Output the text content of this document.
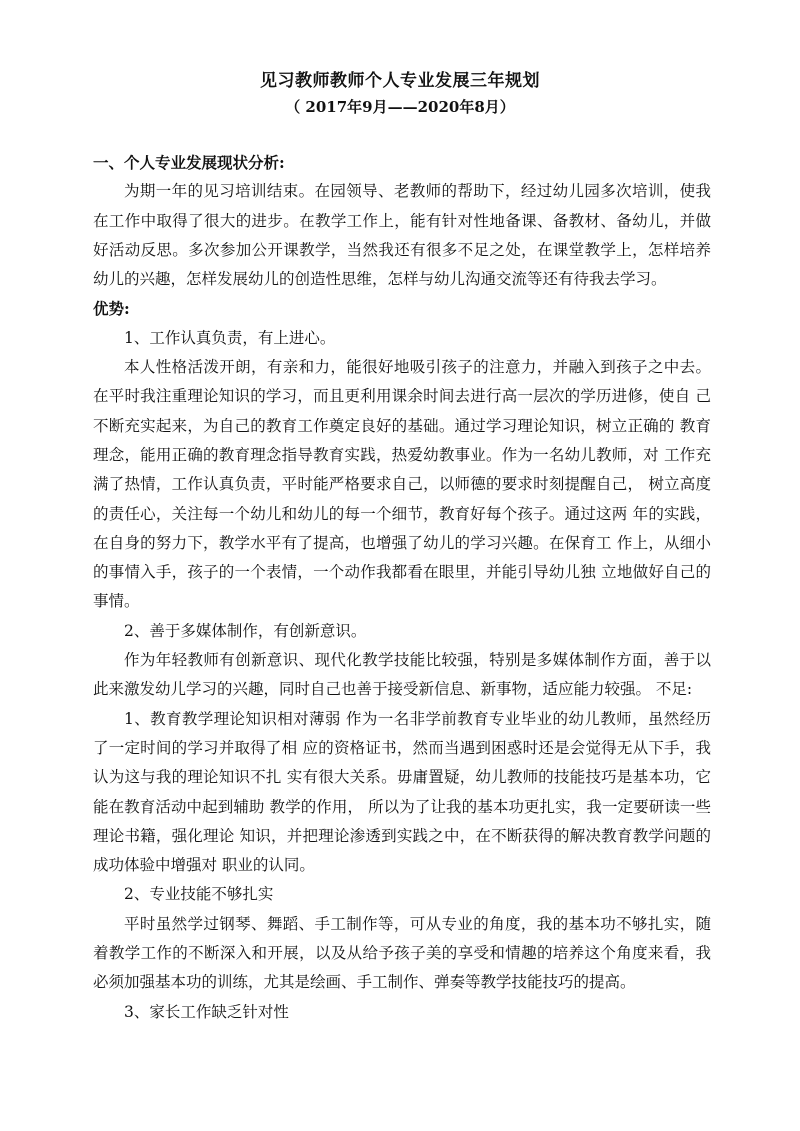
见习教师教师个人专业发展三年规划
（ 2017年9月——2020年8月）

一、个人专业发展现状分析:

为期一年的见习培训结束。在园领导、老教师的帮助下，经过幼儿园多次培训，使我在工作中取得了很大的进步。在教学工作上，能有针对性地备课、备教材、备幼儿，并做好活动反思。多次参加公开课教学，当然我还有很多不足之处，在课堂教学上，怎样培养幼儿的兴趣，怎样发展幼儿的创造性思维，怎样与幼儿沟通交流等还有待我去学习。

优势:

1、工作认真负责，有上进心。

本人性格活泼开朗，有亲和力，能很好地吸引孩子的注意力，并融入到孩子之中去。 在平时我注重理论知识的学习，而且更利用课余时间去进行高一层次的学历进修，使自 己不断充实起来，为自己的教育工作奠定良好的基础。通过学习理论知识，树立正确的 教育理念，能用正确的教育理念指导教育实践，热爱幼教事业。作为一名幼儿教师，对 工作充满了热情，工作认真负责，平时能严格要求自己，以师德的要求时刻提醒自己， 树立高度的责任心，关注每一个幼儿和幼儿的每一个细节，教育好每个孩子。通过这两 年的实践，在自身的努力下，教学水平有了提高，也增强了幼儿的学习兴趣。在保育工 作上，从细小的事情入手，孩子的一个表情，一个动作我都看在眼里，并能引导幼儿独 立地做好自己的事情。

2、善于多媒体制作，有创新意识。

作为年轻教师有创新意识、现代化教学技能比较强，特别是多媒体制作方面，善于以此来激发幼儿学习的兴趣，同时自己也善于接受新信息、新事物，适应能力较强。 不足:

1、教育教学理论知识相对薄弱 作为一名非学前教育专业毕业的幼儿教师，虽然经历了一定时间的学习并取得了相 应的资格证书，然而当遇到困惑时还是会觉得无从下手，我认为这与我的理论知识不扎 实有很大关系。毋庸置疑，幼儿教师的技能技巧是基本功，它能在教育活动中起到辅助 教学的作用， 所以为了让我的基本功更扎实，我一定要研读一些理论书籍，强化理论 知识，并把理论渗透到实践之中，在不断获得的解决教育教学问题的成功体验中增强对 职业的认同。

2、专业技能不够扎实

平时虽然学过钢琴、舞蹈、手工制作等，可从专业的角度，我的基本功不够扎实，随着教学工作的不断深入和开展，以及从给予孩子美的享受和情趣的培养这个角度来看，我必须加强基本功的训练，尤其是绘画、手工制作、弹奏等教学技能技巧的提高。

3、家长工作缺乏针对性
